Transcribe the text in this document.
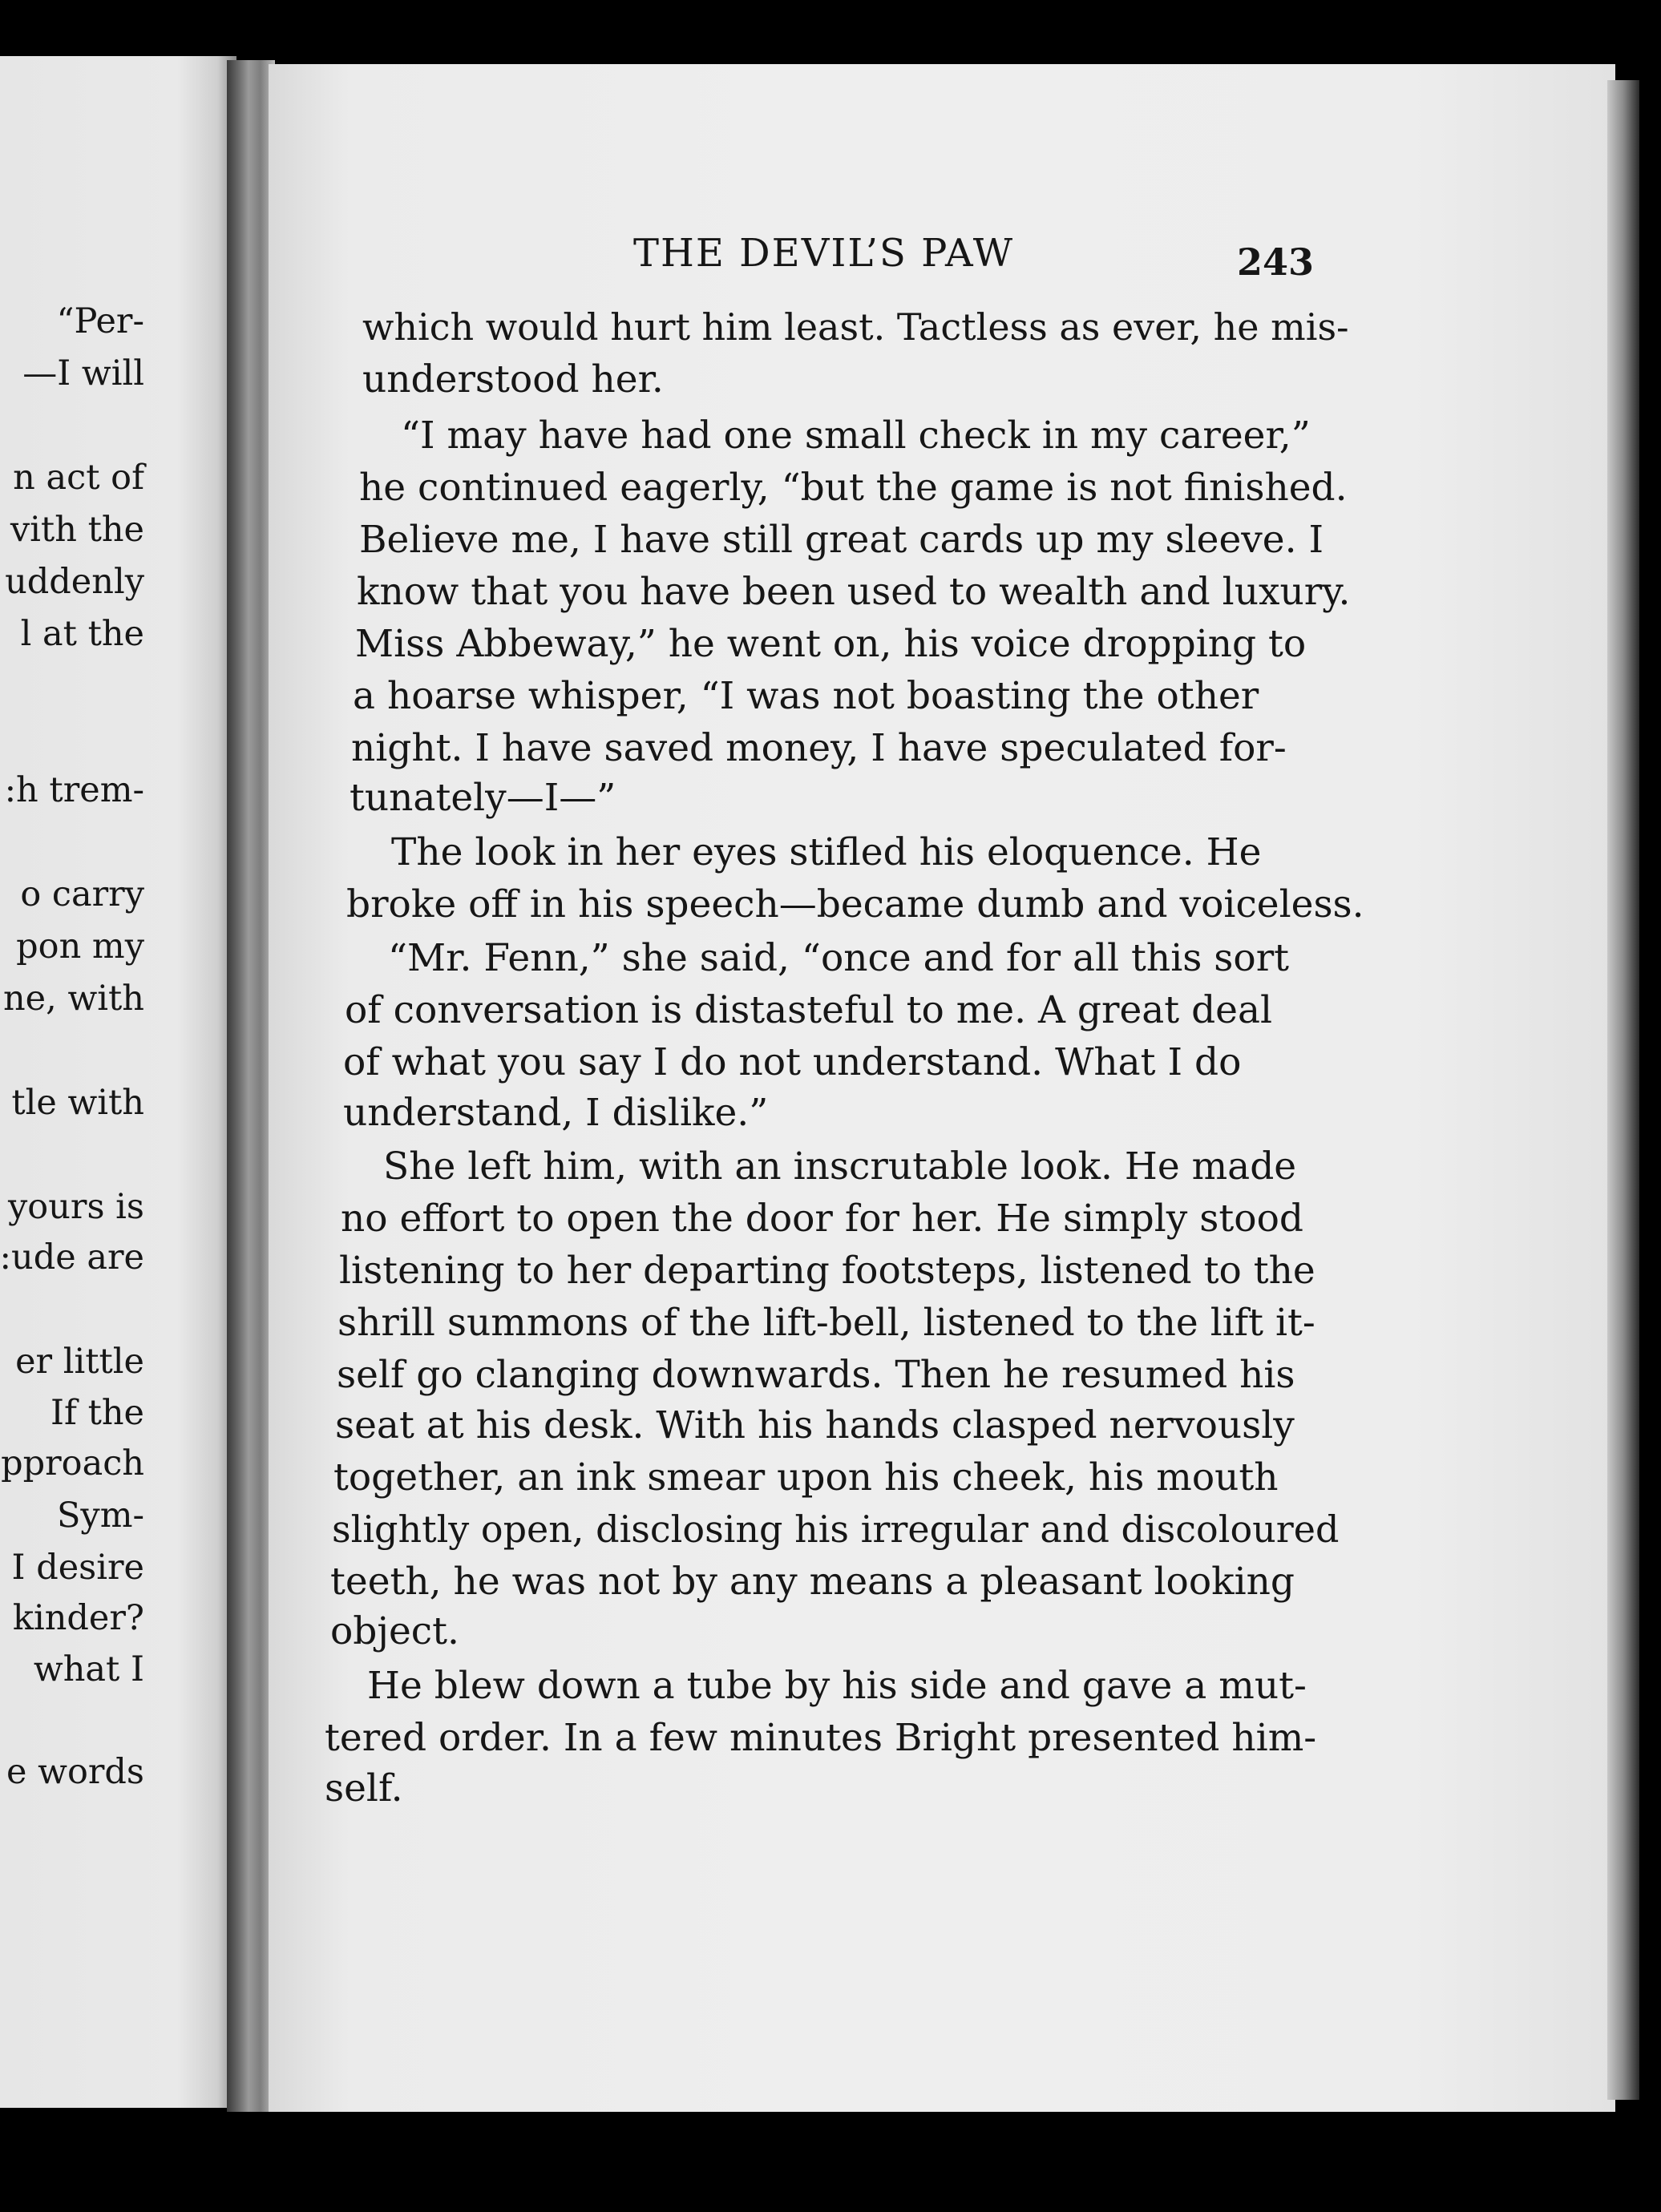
“Per-
—I will
n act of
vith the
uddenly
l at the
:h trem-
o carry
pon my
ne, with
tle with
yours is
:ude are
er little
If the
pproach
Sym-
I desire
kinder?
what I
e words
THE DEVIL’S PAW	243
which would hurt him least. Tactless as ever, he mis-
understood her.
“I may have had one small check in my career,”
he continued eagerly, “but the game is not finished.
Believe me, I have still great cards up my sleeve. I
know that you have been used to wealth and luxury.
Miss Abbeway,” he went on, his voice dropping to
a hoarse whisper, “I was not boasting the other
night. I have saved money, I have speculated for-
tunately—I—”
The look in her eyes stifled his eloquence. He
broke off in his speech—became dumb and voiceless.
“Mr. Fenn,” she said, “once and for all this sort
of conversation is distasteful to me. A great deal
of what you say I do not understand. What I do
understand, I dislike.”
She left him, with an inscrutable look. He made
no effort to open the door for her. He simply stood
listening to her departing footsteps, listened to the
shrill summons of the lift-bell, listened to the lift it-
self go clanging downwards. Then he resumed his
seat at his desk. With his hands clasped nervously
together, an ink smear upon his cheek, his mouth
slightly open, disclosing his irregular and discoloured
teeth, he was not by any means a pleasant looking
object.
He blew down a tube by his side and gave a mut-
tered order. In a few minutes Bright presented him-
self.
